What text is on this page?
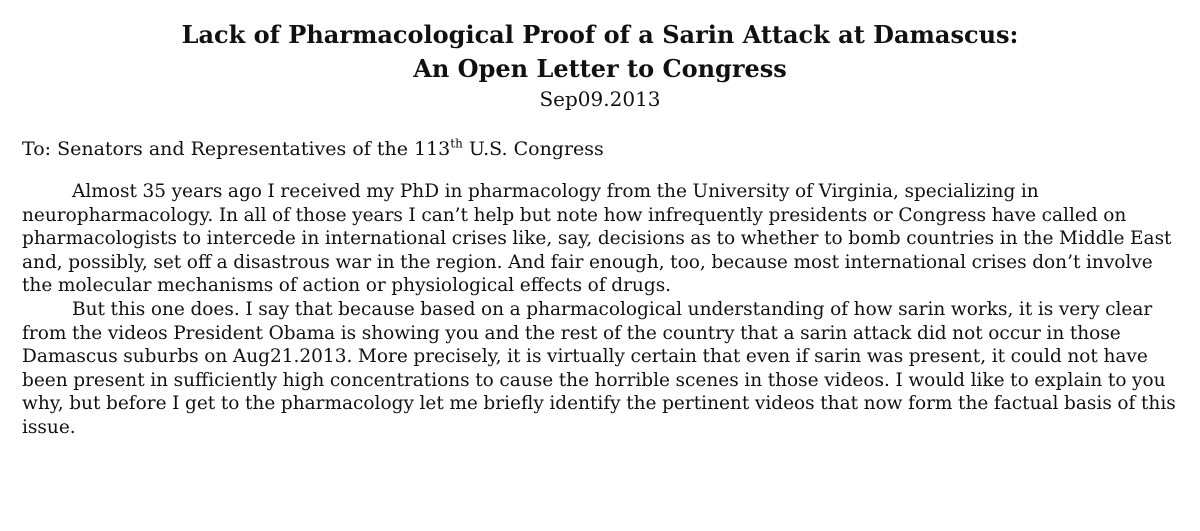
Lack of Pharmacological Proof of a Sarin Attack at Damascus:
An Open Letter to Congress

Sep09.2013

To: Senators and Representatives of the 113th U.S. Congress

Almost 35 years ago I received my PhD in pharmacology from the University of Virginia, specializing in neuropharmacology. In all of those years I can’t help but note how infrequently presidents or Congress have called on pharmacologists to intercede in international crises like, say, decisions as to whether to bomb countries in the Middle East and, possibly, set off a disastrous war in the region. And fair enough, too, because most international crises don’t involve the molecular mechanisms of action or physiological effects of drugs.

But this one does. I say that because based on a pharmacological understanding of how sarin works, it is very clear from the videos President Obama is showing you and the rest of the country that a sarin attack did not occur in those Damascus suburbs on Aug21.2013. More precisely, it is virtually certain that even if sarin was present, it could not have been present in sufficiently high concentrations to cause the horrible scenes in those videos. I would like to explain to you why, but before I get to the pharmacology let me briefly identify the pertinent videos that now form the factual basis of this issue.
